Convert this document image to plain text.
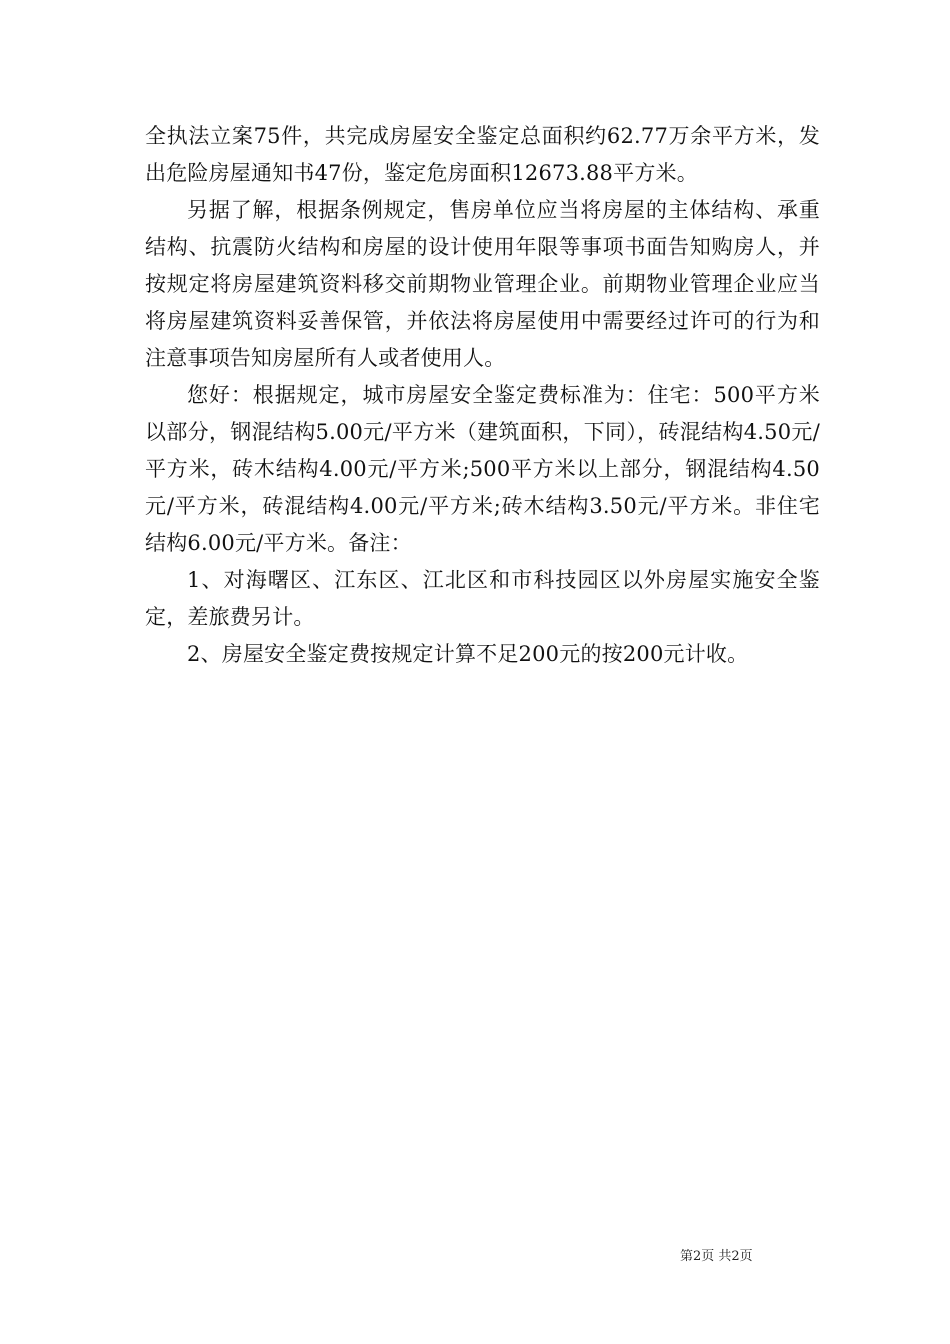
全执法立案75件，共完成房屋安全鉴定总面积约62.77万余平方米，发出危险房屋通知书47份，鉴定危房面积12673.88平方米。

另据了解，根据条例规定，售房单位应当将房屋的主体结构、承重结构、抗震防火结构和房屋的设计使用年限等事项书面告知购房人，并按规定将房屋建筑资料移交前期物业管理企业。前期物业管理企业应当将房屋建筑资料妥善保管，并依法将房屋使用中需要经过许可的行为和注意事项告知房屋所有人或者使用人。

您好：根据规定，城市房屋安全鉴定费标准为：住宅：500平方米以部分，钢混结构5.00元/平方米（建筑面积，下同），砖混结构4.50元/平方米，砖木结构4.00元/平方米;500平方米以上部分，钢混结构4.50元/平方米，砖混结构4.00元/平方米;砖木结构3.50元/平方米。非住宅结构6.00元/平方米。备注：

1、对海曙区、江东区、江北区和市科技园区以外房屋实施安全鉴定，差旅费另计。

2、房屋安全鉴定费按规定计算不足200元的按200元计收。

第2页 共2页
